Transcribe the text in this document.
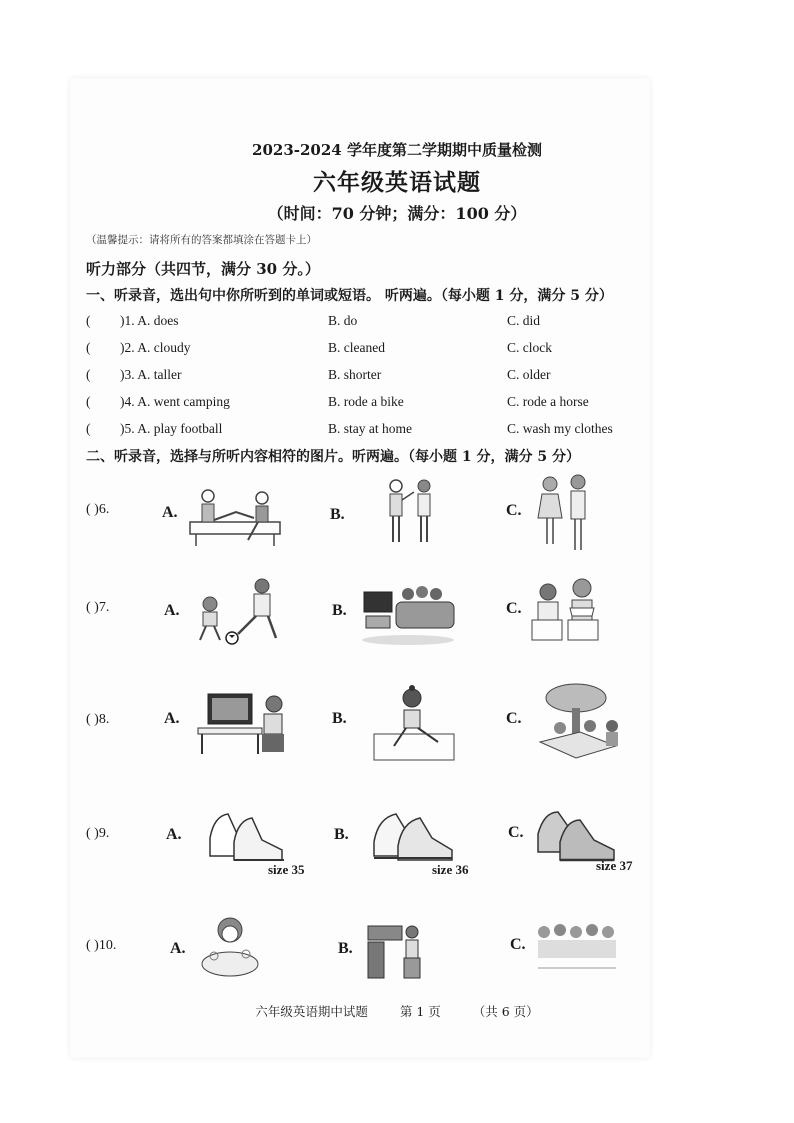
2023-2024 学年度第二学期期中质量检测
六年级英语试题
（时间：70 分钟；满分：100 分）
（温馨提示：请将所有的答案都填涂在答题卡上）
听力部分（共四节，满分 30 分。）
一、听录音，选出句中你所听到的单词或短语。 听两遍。（每小题 1 分，满分 5 分）
( )1. A. does	B. do	C. did
( )2. A. cloudy	B. cleaned	C. clock
( )3. A. taller	B. shorter	C. older
( )4. A. went camping	B. rode a bike	C. rode a horse
( )5. A. play football	B. stay at home	C. wash my clothes
二、听录音，选择与所听内容相符的图片。听两遍。（每小题 1 分，满分 5 分）
( )6.	A.	B.	C.
( )7.	A.	B.	C.
( )8.	A.	B.	C.
( )9.	A.	B.	C.
size 35	size 36	size 37
( )10.	A.	B.	C.
六年级英语期中试题	第 1 页	（共 6 页）
